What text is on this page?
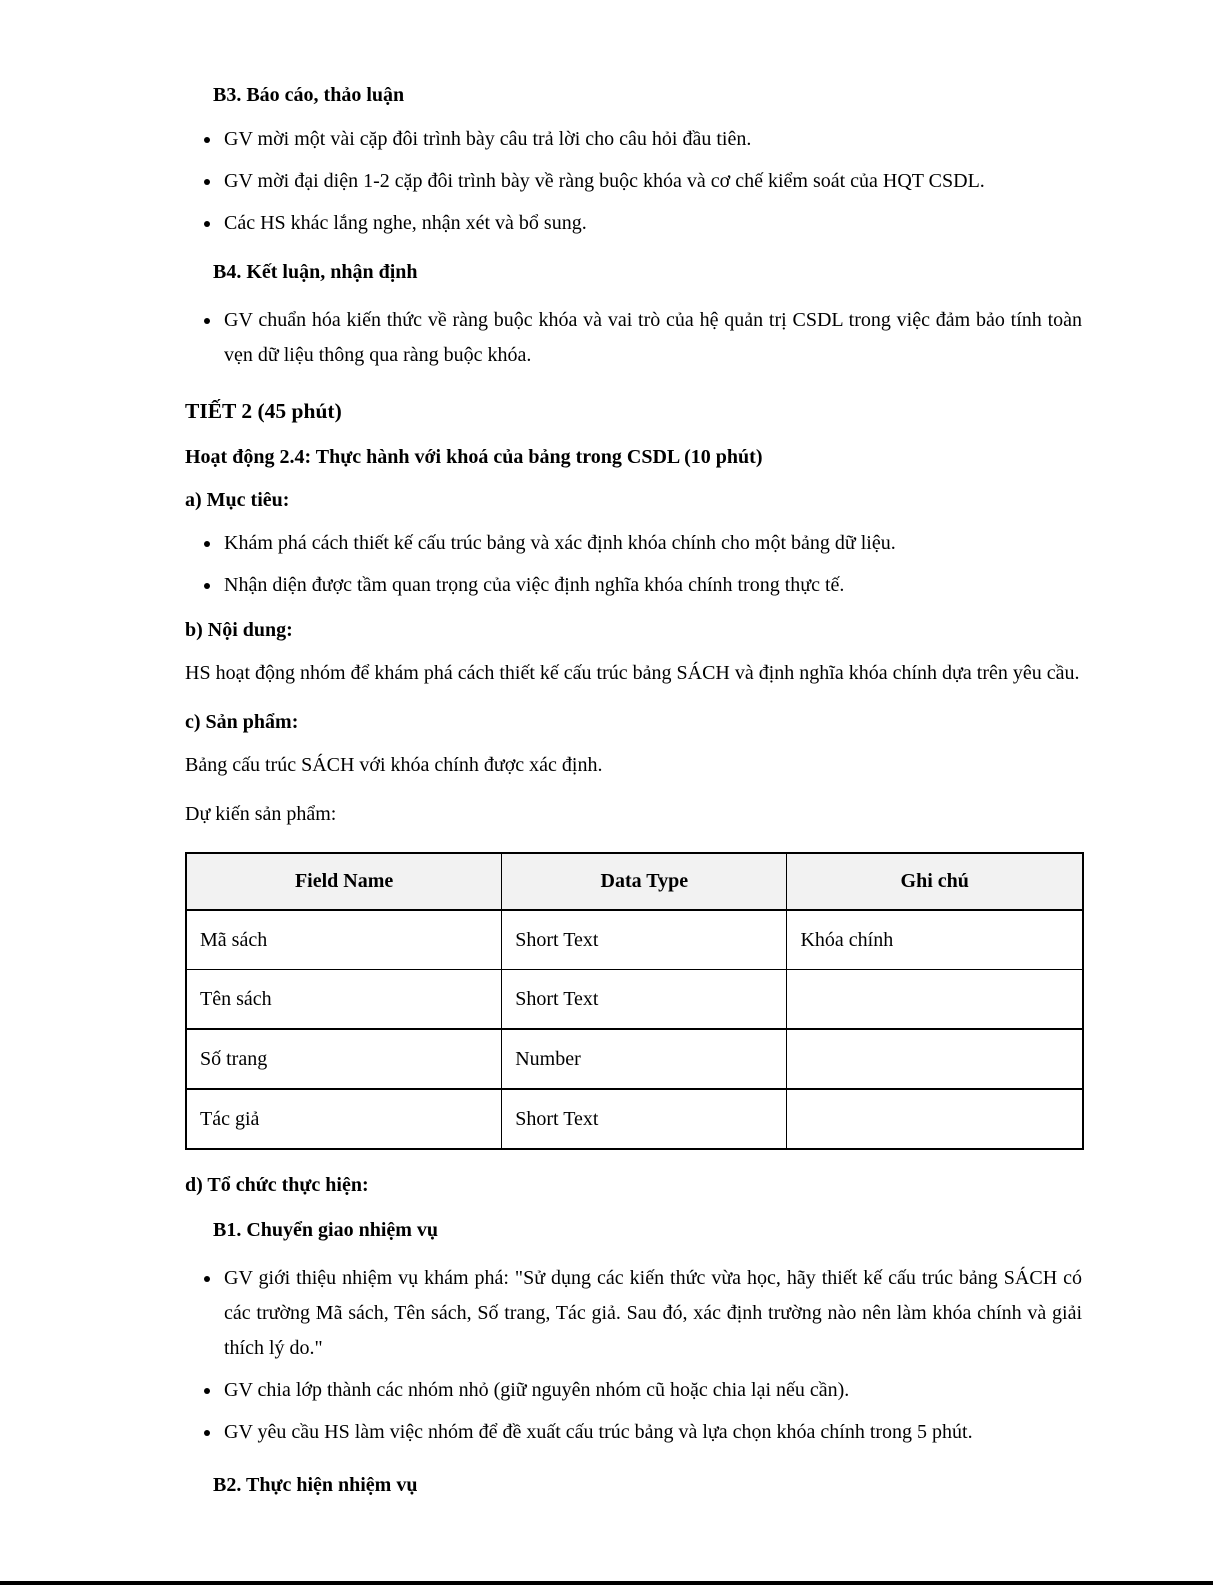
B3. Báo cáo, thảo luận
• GV mời một vài cặp đôi trình bày câu trả lời cho câu hỏi đầu tiên.
• GV mời đại diện 1-2 cặp đôi trình bày về ràng buộc khóa và cơ chế kiểm soát của HQT CSDL.
• Các HS khác lắng nghe, nhận xét và bổ sung.
B4. Kết luận, nhận định
• GV chuẩn hóa kiến thức về ràng buộc khóa và vai trò của hệ quản trị CSDL trong việc đảm bảo tính toàn vẹn dữ liệu thông qua ràng buộc khóa.
TIẾT 2 (45 phút)
Hoạt động 2.4: Thực hành với khoá của bảng trong CSDL (10 phút)
a) Mục tiêu:
• Khám phá cách thiết kế cấu trúc bảng và xác định khóa chính cho một bảng dữ liệu.
• Nhận diện được tầm quan trọng của việc định nghĩa khóa chính trong thực tế.
b) Nội dung:

HS hoạt động nhóm để khám phá cách thiết kế cấu trúc bảng SÁCH và định nghĩa khóa chính dựa trên yêu cầu.

c) Sản phẩm:

Bảng cấu trúc SÁCH với khóa chính được xác định.

Dự kiến sản phẩm:

Field Name	Data Type	Ghi chú
Mã sách	Short Text	Khóa chính
Tên sách	Short Text	
Số trang	Number	
Tác giả	Short Text	
d) Tổ chức thực hiện:
B1. Chuyển giao nhiệm vụ
• GV giới thiệu nhiệm vụ khám phá: "Sử dụng các kiến thức vừa học, hãy thiết kế cấu trúc bảng SÁCH có các trường Mã sách, Tên sách, Số trang, Tác giả. Sau đó, xác định trường nào nên làm khóa chính và giải thích lý do."
• GV chia lớp thành các nhóm nhỏ (giữ nguyên nhóm cũ hoặc chia lại nếu cần).
• GV yêu cầu HS làm việc nhóm để đề xuất cấu trúc bảng và lựa chọn khóa chính trong 5 phút.
B2. Thực hiện nhiệm vụ
